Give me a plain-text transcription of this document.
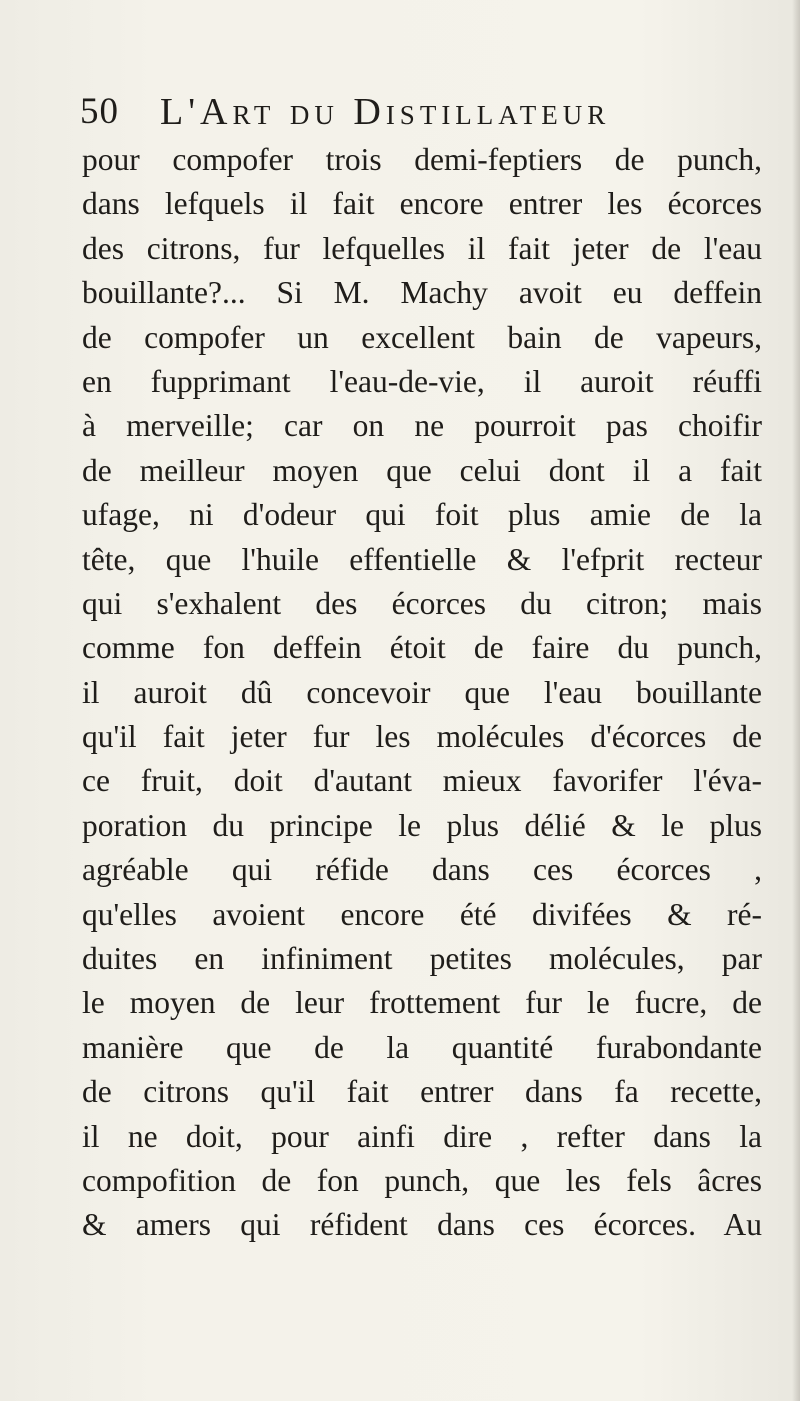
50 L'Art du Distillateur
pour compofer trois demi-feptiers de punch,
dans lefquels il fait encore entrer les écorces
des citrons, fur lefquelles il fait jeter de l'eau
bouillante?... Si M. Machy avoit eu deffein
de compofer un excellent bain de vapeurs,
en fupprimant l'eau-de-vie, il auroit réuffi
à merveille; car on ne pourroit pas choifir
de meilleur moyen que celui dont il a fait
ufage, ni d'odeur qui foit plus amie de la
tête, que l'huile effentielle & l'efprit recteur
qui s'exhalent des écorces du citron; mais
comme fon deffein étoit de faire du punch,
il auroit dû concevoir que l'eau bouillante
qu'il fait jeter fur les molécules d'écorces de
ce fruit, doit d'autant mieux favorifer l'éva-
poration du principe le plus délié & le plus
agréable qui réfide dans ces écorces ,
qu'elles avoient encore été divifées & ré-
duites en infiniment petites molécules, par
le moyen de leur frottement fur le fucre, de
manière que de la quantité furabondante
de citrons qu'il fait entrer dans fa recette,
il ne doit, pour ainfi dire , refter dans la
compofition de fon punch, que les fels âcres
& amers qui réfident dans ces écorces. Au
